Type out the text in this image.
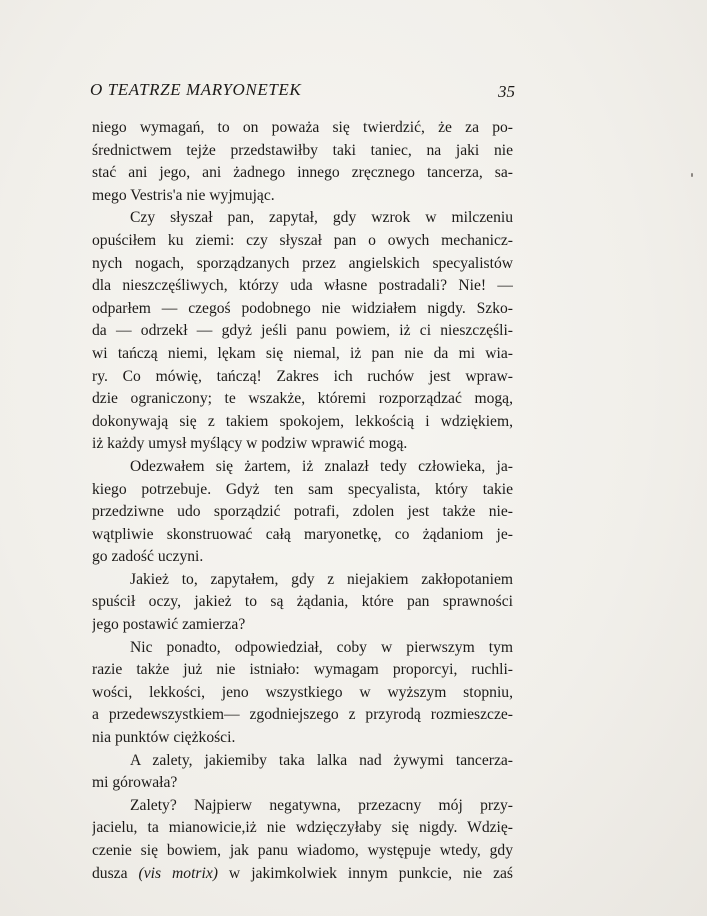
O TEATRZE MARYONETEK	35
niego wymagań, to on poważa się twierdzić, że za po-
średnictwem tejże przedstawiłby taki taniec, na jaki nie
stać ani jego, ani żadnego innego zręcznego tancerza, sa-
mego Vestris'a nie wyjmując.
Czy słyszał pan, zapytał, gdy wzrok w milczeniu
opuściłem ku ziemi: czy słyszał pan o owych mechanicz-
nych nogach, sporządzanych przez angielskich specyalistów
dla nieszczęśliwych, którzy uda własne postradali? Nie! —
odparłem — czegoś podobnego nie widziałem nigdy. Szko-
da — odrzekł — gdyż jeśli panu powiem, iż ci nieszczęśli-
wi tańczą niemi, lękam się niemal, iż pan nie da mi wia-
ry. Co mówię, tańczą! Zakres ich ruchów jest wpraw-
dzie ograniczony; te wszakże, któremi rozporządzać mogą,
dokonywają się z takiem spokojem, lekkością i wdziękiem,
iż każdy umysł myślący w podziw wprawić mogą.
Odezwałem się żartem, iż znalazł tedy człowieka, ja-
kiego potrzebuje. Gdyż ten sam specyalista, który takie
przedziwne udo sporządzić potrafi, zdolen jest także nie-
wątpliwie skonstruować całą maryonetkę, co żądaniom je-
go zadość uczyni.
Jakież to, zapytałem, gdy z niejakiem zakłopotaniem
spuścił oczy, jakież to są żądania, które pan sprawności
jego postawić zamierza?
Nic ponadto, odpowiedział, coby w pierwszym tym
razie także już nie istniało: wymagam proporcyi, ruchli-
wości, lekkości, jeno wszystkiego w wyższym stopniu,
a przedewszystkiem— zgodniejszego z przyrodą rozmieszcze-
nia punktów ciężkości.
A zalety, jakiemiby taka lalka nad żywymi tancerza-
mi górowała?
Zalety? Najpierw negatywna, przezacny mój przy-
jacielu, ta mianowicie,iż nie wdzięczyłaby się nigdy. Wdzię-
czenie się bowiem, jak panu wiadomo, występuje wtedy, gdy
dusza (vis motrix) w jakimkolwiek innym punkcie, nie zaś
